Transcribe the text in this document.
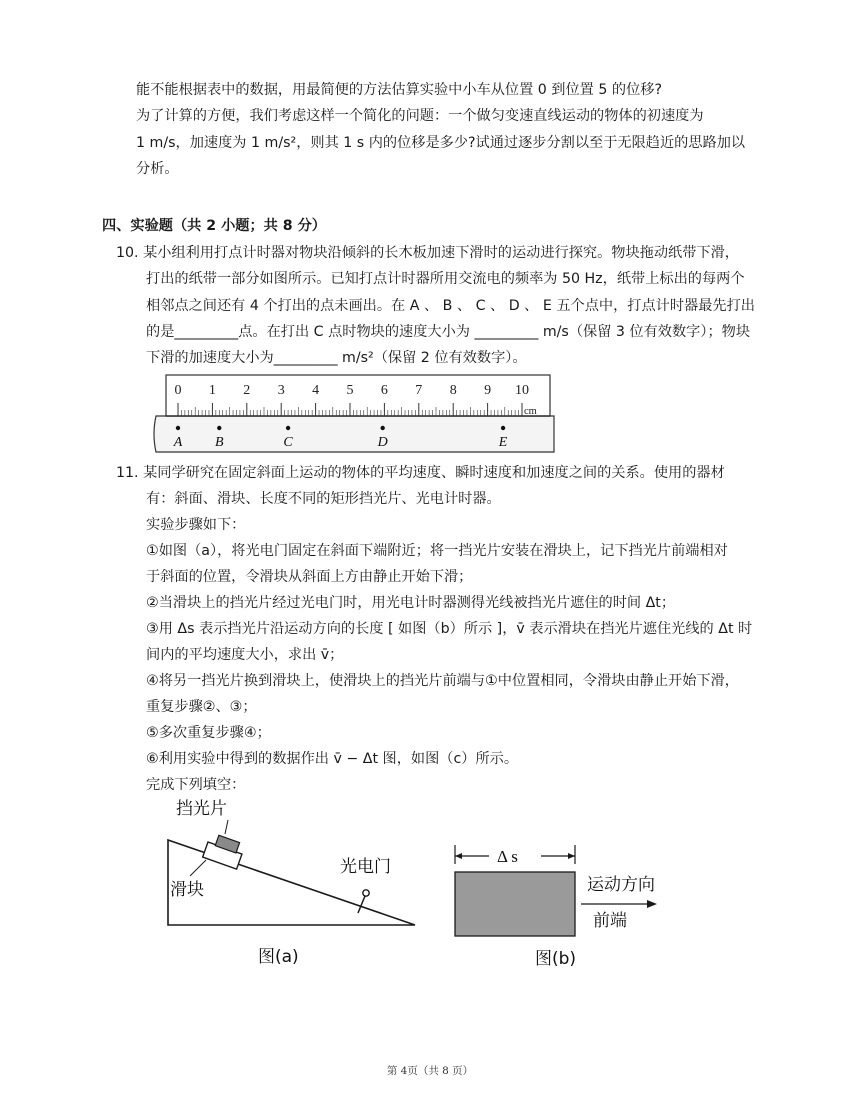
能不能根据表中的数据，用最简便的方法估算实验中小车从位置 0 到位置 5 的位移?
为了计算的方便，我们考虑这样一个简化的问题：一个做匀变速直线运动的物体的初速度为
1 m/s，加速度为 1 m/s²，则其 1 s 内的位移是多少?试通过逐步分割以至于无限趋近的思路加以
分析。
四、实验题（共 2 小题；共 8 分）
10. 某小组利用打点计时器对物块沿倾斜的长木板加速下滑时的运动进行探究。物块拖动纸带下滑，
打出的纸带一部分如图所示。已知打点计时器所用交流电的频率为 50 Hz，纸带上标出的每两个
相邻点之间还有 4 个打出的点未画出。在 A 、 B 、 C 、 D 、 E 五个点中，打点计时器最先打出
的是_________点。在打出 C 点时物块的速度大小为 _________ m/s（保留 3 位有效数字）；物块
下滑的加速度大小为_________ m/s²（保留 2 位有效数字）。
0 1 2 3 4 5 6 7 8 9 10
cm
A B	C	D	E
11. 某同学研究在固定斜面上运动的物体的平均速度、瞬时速度和加速度之间的关系。使用的器材
有：斜面、滑块、长度不同的矩形挡光片、光电计时器。
实验步骤如下：
①如图（a），将光电门固定在斜面下端附近；将一挡光片安装在滑块上，记下挡光片前端相对
于斜面的位置，令滑块从斜面上方由静止开始下滑；
②当滑块上的挡光片经过光电门时，用光电计时器测得光线被挡光片遮住的时间 Δt；
③用 Δs 表示挡光片沿运动方向的长度 [ 如图（b）所示 ]，v̄ 表示滑块在挡光片遮住光线的 Δt 时
间内的平均速度大小，求出 v̄；
④将另一挡光片换到滑块上，使滑块上的挡光片前端与①中位置相同，令滑块由静止开始下滑，
重复步骤②、③；
⑤多次重复步骤④；
⑥利用实验中得到的数据作出 v̄ − Δt 图，如图（c）所示。
完成下列填空：
挡光片
滑块
光电门
图(a)
Δ s
运动方向
前端
图(b)
第 4页（共 8 页）
